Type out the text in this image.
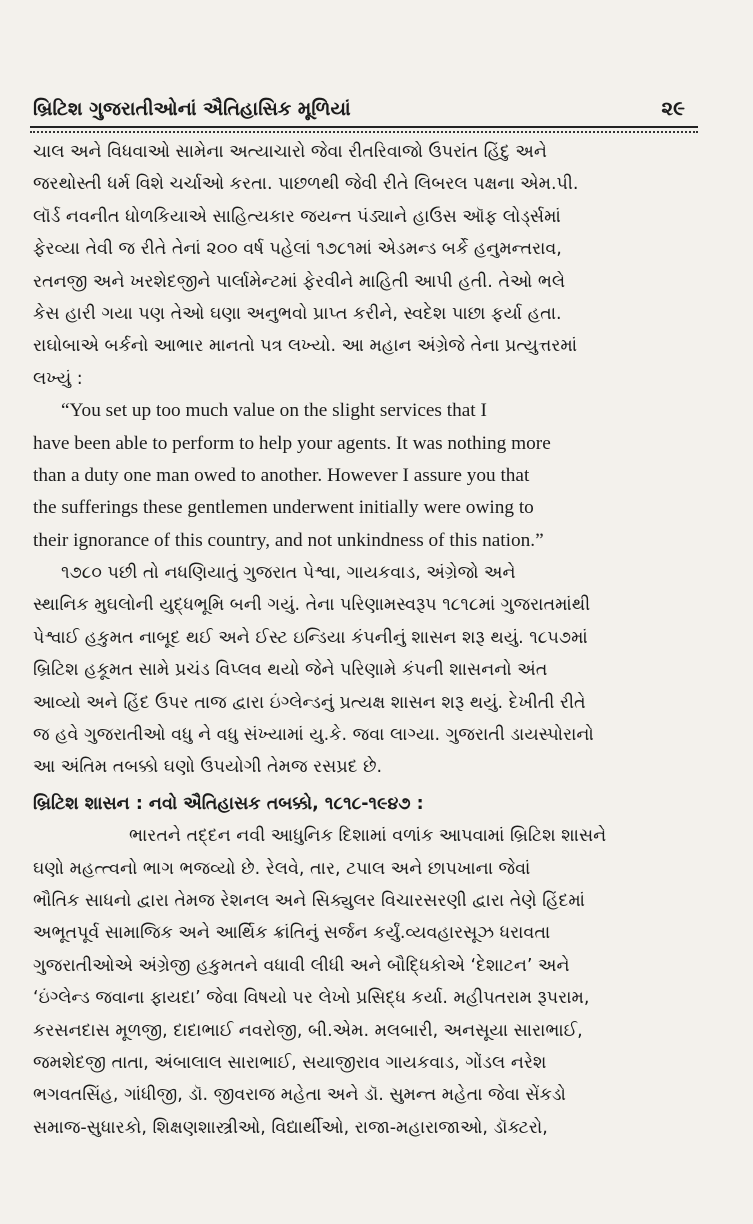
બ્રિટિશ ગુજરાતીઓનાં ઐતિહાસિક મૂળિયાં	૨૯
ચાલ અને વિધવાઓ સામેના અત્યાચારો જેવા રીતરિવાજો ઉપરાંત હિંદુ અને
જરથોસ્તી ધર્મ વિશે ચર્ચાઓ કરતા. પાછળથી જેવી રીતે લિબરલ પક્ષના એમ.પી.
લૉર્ડ નવનીત ધોળકિયાએ સાહિત્યકાર જયન્ત પંડ્યાને હાઉસ ઑફ લોર્ડ્સમાં
ફેરવ્યા તેવી જ રીતે તેનાં ૨૦૦ વર્ષ પહેલાં ૧૭૮૧માં એડમન્ડ બર્કે હનુમન્તરાવ,
રતનજી અને ખરશેદજીને પાર્લામેન્ટમાં ફેરવીને માહિતી આપી હતી. તેઓ ભલે
કેસ હારી ગયા પણ તેઓ ઘણા અનુભવો પ્રાપ્ત કરીને, સ્વદેશ પાછા ફર્યા હતા.
રાઘોબાએ બર્કનો આભાર માનતો પત્ર લખ્યો. આ મહાન અંગ્રેજે તેના પ્રત્યુત્તરમાં
લખ્યું :
“You set up too much value on the slight services that I
have been able to perform to help your agents. It was nothing more
than a duty one man owed to another. However I assure you that
the sufferings these gentlemen underwent initially were owing to
their ignorance of this country, and not unkindness of this nation.”
૧૭૮૦ પછી તો નધણિયાતું ગુજરાત પેશ્વા, ગાયકવાડ, અંગ્રેજો અને
સ્થાનિક મુઘલોની યુદ્ધભૂમિ બની ગયું. તેના પરિણામસ્વરૂપ ૧૮૧૮માં ગુજરાતમાંથી
પેશ્વાઈ હકુમત નાબૂદ થઈ અને ઈસ્ટ ઇન્ડિયા કંપનીનું શાસન શરૂ થયું. ૧૮૫૭માં
બ્રિટિશ હકૂમત સામે પ્રચંડ વિપ્લવ થયો જેને પરિણામે કંપની શાસનનો અંત
આવ્યો અને હિંદ ઉપર તાજ દ્વારા ઇંગ્લેન્ડનું પ્રત્યક્ષ શાસન શરૂ થયું. દેખીતી રીતે
જ હવે ગુજરાતીઓ વધુ ને વધુ સંખ્યામાં યુ.કે. જવા લાગ્યા. ગુજરાતી ડાયસ્પોરાનો
આ અંતિમ તબક્કો ઘણો ઉપયોગી તેમજ રસપ્રદ છે.
બ્રિટિશ શાસન : નવો ઐતિહાસક તબક્કો, ૧૮૧૮-૧૯૪૭ :
ભારતને તદ્દન નવી આધુનિક દિશામાં વળાંક આપવામાં બ્રિટિશ શાસને
ઘણો મહત્ત્વનો ભાગ ભજવ્યો છે. રેલવે, તાર, ટપાલ અને છાપખાના જેવાં
ભૌતિક સાધનો દ્વારા તેમજ રેશનલ અને સિક્યુલર વિચારસરણી દ્વારા તેણે હિંદમાં
અભૂતપૂર્વ સામાજિક અને આર્થિક ક્રાંતિનું સર્જન કર્યું.વ્યવહારસૂઝ ધરાવતા
ગુજરાતીઓએ અંગ્રેજી હકુમતને વધાવી લીધી અને બૌદ્ધિકોએ ‘દેશાટન’ અને
‘ઇંગ્લેન્ડ જવાના ફાયદા’ જેવા વિષયો પર લેખો પ્રસિદ્ધ કર્યા. મહીપતરામ રૂપરામ,
કરસનદાસ મૂળજી, દાદાભાઈ નવરોજી, બી.એમ. મલબારી, અનસૂયા સારાભાઈ,
જમશેદજી તાતા, અંબાલાલ સારાભાઈ, સયાજીરાવ ગાયકવાડ, ગોંડલ નરેશ
ભગવતસિંહ, ગાંધીજી, ડૉ. જીવરાજ મહેતા અને ડૉ. સુમન્ત મહેતા જેવા સેંકડો
સમાજ-સુધારકો, શિક્ષણશાસ્ત્રીઓ, વિદ્યાર્થીઓ, રાજા-મહારાજાઓ, ડૉક્ટરો,
